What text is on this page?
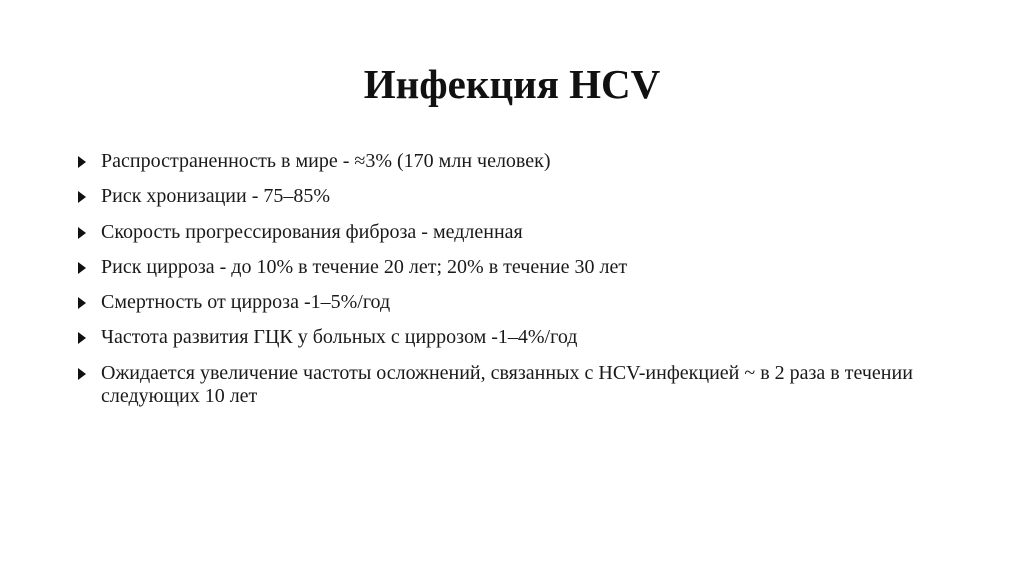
Инфекция HCV
Распространенность в мире - ≈3% (170 млн человек)
Риск хронизации - 75–85%
Скорость прогрессирования фиброза - медленная
Риск цирроза - до 10% в течение 20 лет; 20% в течение 30 лет
Смертность от цирроза -1–5%/год
Частота развития ГЦК у больных с циррозом -1–4%/год
Ожидается увеличение частоты осложнений, связанных с HCV-инфекцией ~ в 2 раза в течении следующих 10 лет
